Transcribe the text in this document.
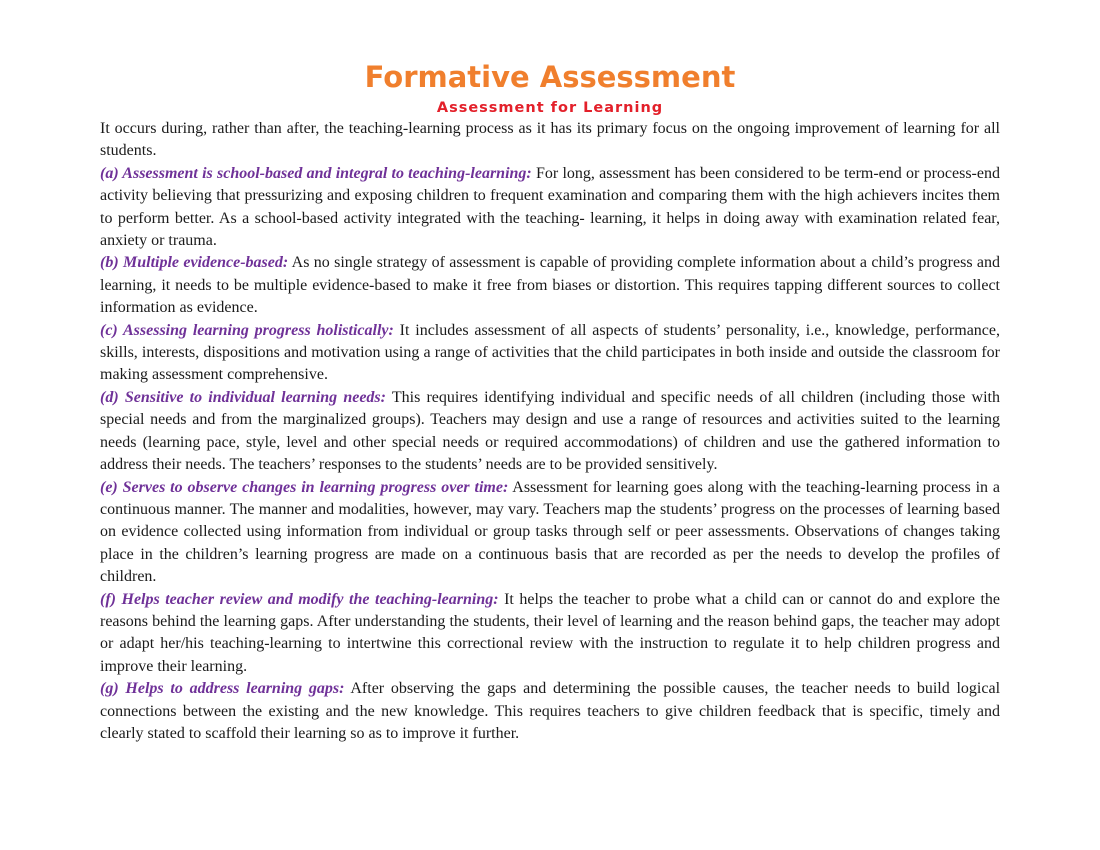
Formative Assessment
Assessment for Learning

It occurs during, rather than after, the teaching-learning process as it has its primary focus on the ongoing improvement of learning for all students.

(a) Assessment is school-based and integral to teaching-learning: For long, assessment has been considered to be term-end or process-end activity believing that pressurizing and exposing children to frequent examination and comparing them with the high achievers incites them to perform better. As a school-based activity integrated with the teaching- learning, it helps in doing away with examination related fear, anxiety or trauma.

(b) Multiple evidence-based: As no single strategy of assessment is capable of providing complete information about a child’s progress and learning, it needs to be multiple evidence-based to make it free from biases or distortion. This requires tapping different sources to collect information as evidence.

(c) Assessing learning progress holistically: It includes assessment of all aspects of students’ personality, i.e., knowledge, performance, skills, interests, dispositions and motivation using a range of activities that the child participates in both inside and outside the classroom for making assessment comprehensive.

(d) Sensitive to individual learning needs: This requires identifying individual and specific needs of all children (including those with special needs and from the marginalized groups). Teachers may design and use a range of resources and activities suited to the learning needs (learning pace, style, level and other special needs or required accommodations) of children and use the gathered information to address their needs. The teachers’ responses to the students’ needs are to be provided sensitively.

(e) Serves to observe changes in learning progress over time: Assessment for learning goes along with the teaching-learning process in a continuous manner. The manner and modalities, however, may vary. Teachers map the students’ progress on the processes of learning based on evidence collected using information from individual or group tasks through self or peer assessments. Observations of changes taking place in the children’s learning progress are made on a continuous basis that are recorded as per the needs to develop the profiles of children.

(f) Helps teacher review and modify the teaching-learning: It helps the teacher to probe what a child can or cannot do and explore the reasons behind the learning gaps. After understanding the students, their level of learning and the reason behind gaps, the teacher may adopt or adapt her/his teaching-learning to intertwine this correctional review with the instruction to regulate it to help children progress and improve their learning.

(g) Helps to address learning gaps: After observing the gaps and determining the possible causes, the teacher needs to build logical connections between the existing and the new knowledge. This requires teachers to give children feedback that is specific, timely and clearly stated to scaffold their learning so as to improve it further.
